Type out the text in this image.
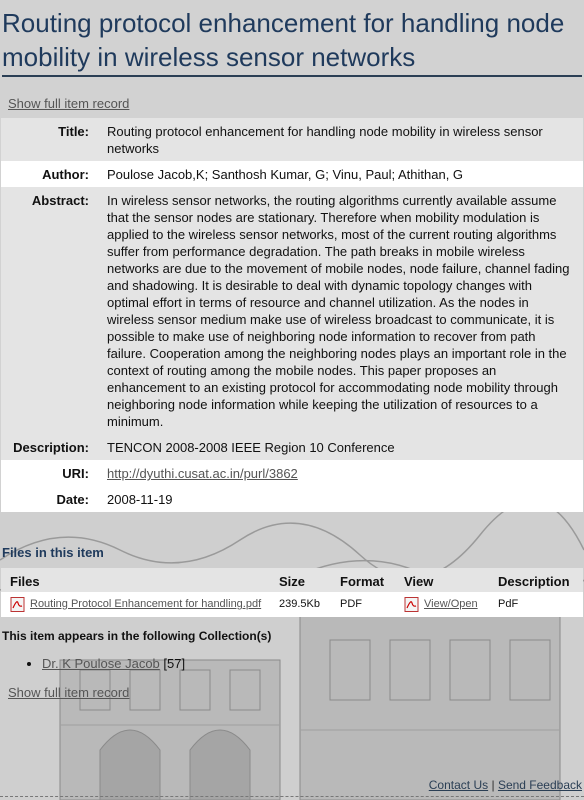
Routing protocol enhancement for handling node mobility in wireless sensor networks
Show full item record
Title:	Routing protocol enhancement for handling node mobility in wireless sensor networks
Author:	Poulose Jacob,K; Santhosh Kumar, G; Vinu, Paul; Athithan, G
Abstract:	In wireless sensor networks, the routing algorithms currently available assume that the sensor nodes are stationary. Therefore when mobility modulation is applied to the wireless sensor networks, most of the current routing algorithms suffer from performance degradation. The path breaks in mobile wireless networks are due to the movement of mobile nodes, node failure, channel fading and shadowing. It is desirable to deal with dynamic topology changes with optimal effort in terms of resource and channel utilization. As the nodes in wireless sensor medium make use of wireless broadcast to communicate, it is possible to make use of neighboring node information to recover from path failure. Cooperation among the neighboring nodes plays an important role in the context of routing among the mobile nodes. This paper proposes an enhancement to an existing protocol for accommodating node mobility through neighboring node information while keeping the utilization of resources to a minimum.
Description:	TENCON 2008-2008 IEEE Region 10 Conference
URI:	http://dyuthi.cusat.ac.in/purl/3862
Date:	2008-11-19
Files in this item
Files	Size	Format	View	Description
Routing Protocol Enhancement for handling.pdf	239.5Kb	PDF	View/Open	PdF
This item appears in the following Collection(s)
• Dr. K Poulose Jacob [57]
Show full item record
Contact Us | Send Feedback
